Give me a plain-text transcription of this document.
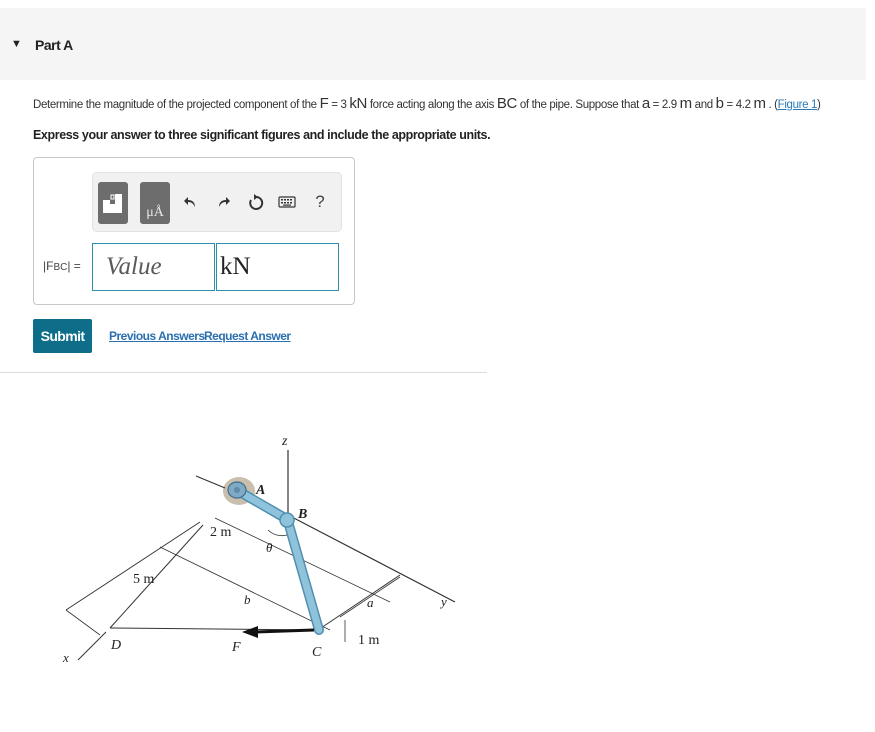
▼ Part A
Determine the magnitude of the projected component of the F = 3 kN force acting along the axis BC of the pipe. Suppose that a = 2.9 m and b = 4.2 m . (Figure 1)
Express your answer to three significant figures and include the appropriate units.
μÅ
?
|FBC| =
Value
kN
Submit	Previous Answers Request Answer
z
A
B
θ
2 m
5 m
b	a	y
1 m
D	F	C
x
